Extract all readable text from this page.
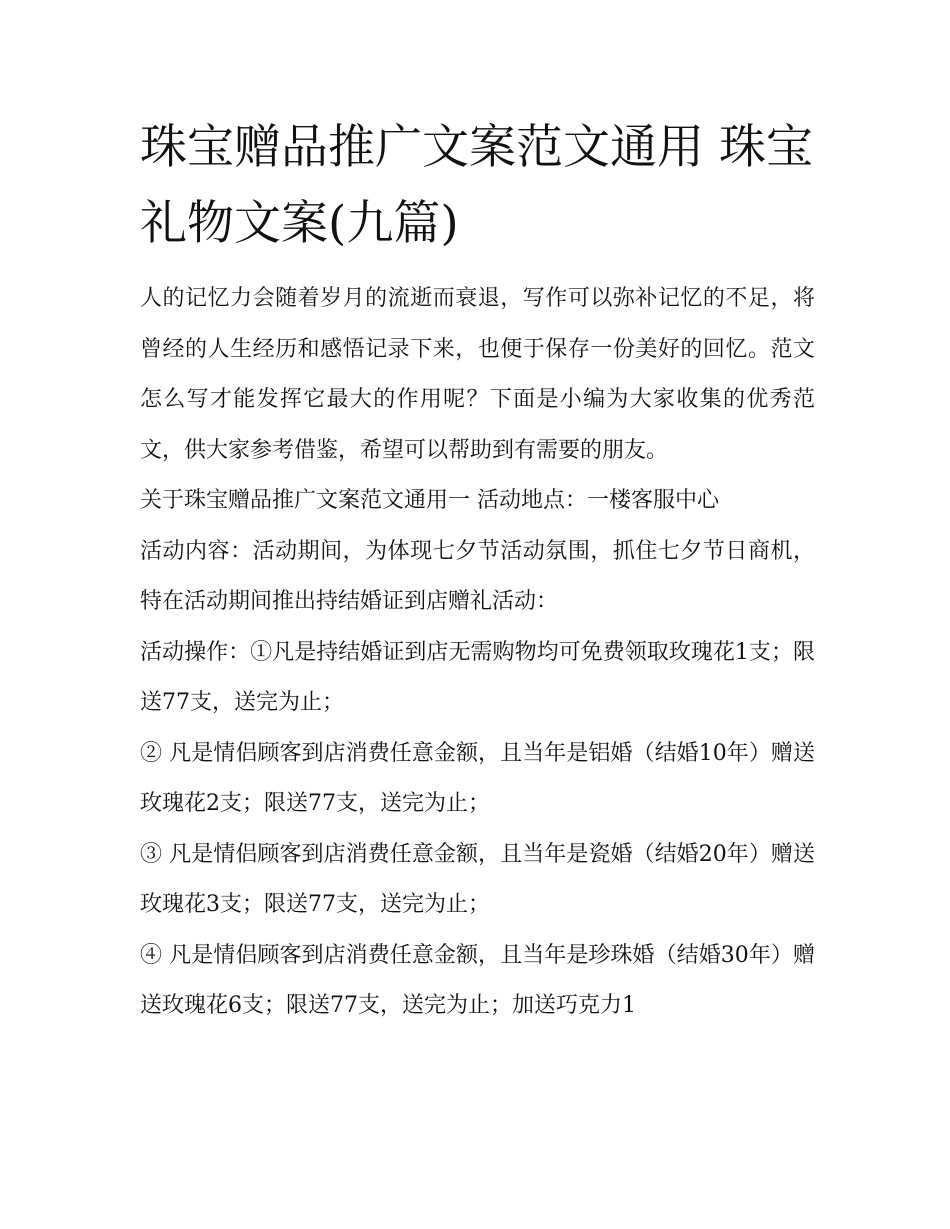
珠宝赠品推广文案范文通用 珠宝礼物文案(九篇)

人的记忆力会随着岁月的流逝而衰退，写作可以弥补记忆的不足，将曾经的人生经历和感悟记录下来，也便于保存一份美好的回忆。范文怎么写才能发挥它最大的作用呢？下面是小编为大家收集的优秀范文，供大家参考借鉴，希望可以帮助到有需要的朋友。

关于珠宝赠品推广文案范文通用一 活动地点：一楼客服中心

活动内容：活动期间，为体现七夕节活动氛围，抓住七夕节日商机，特在活动期间推出持结婚证到店赠礼活动：

活动操作：①凡是持结婚证到店无需购物均可免费领取玫瑰花1支；限送77支，送完为止；

② 凡是情侣顾客到店消费任意金额，且当年是铝婚（结婚10年）赠送玫瑰花2支；限送77支，送完为止；

③ 凡是情侣顾客到店消费任意金额，且当年是瓷婚（结婚20年）赠送玫瑰花3支；限送77支，送完为止；

④ 凡是情侣顾客到店消费任意金额，且当年是珍珠婚（结婚30年）赠送玫瑰花6支；限送77支，送完为止；加送巧克力1
